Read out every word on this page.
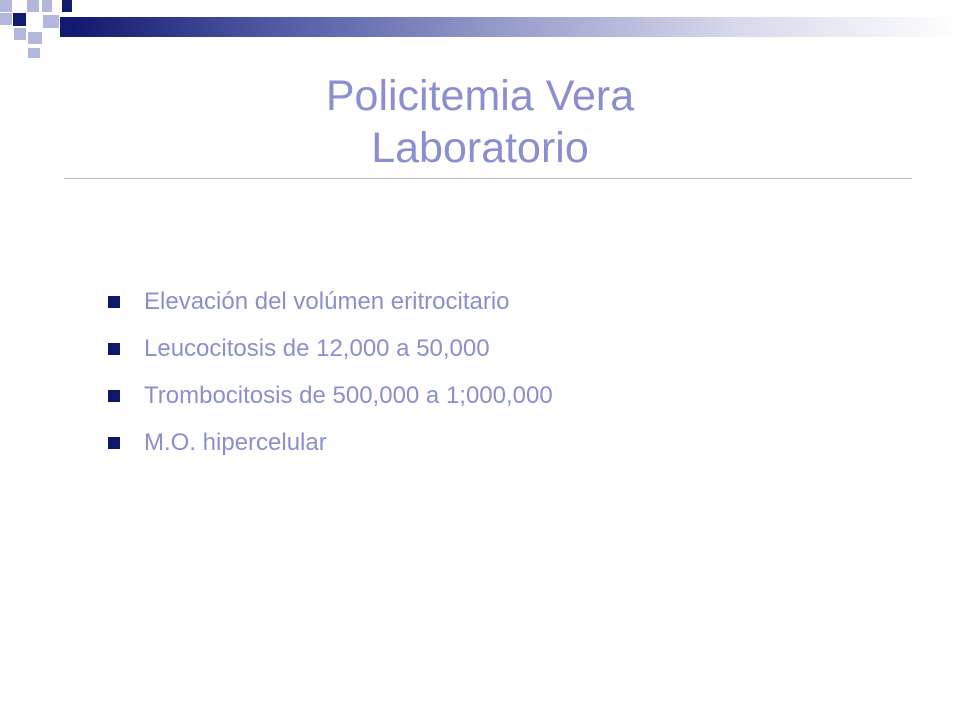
Policitemia Vera
Laboratorio
Elevación del volúmen eritrocitario
Leucocitosis de 12,000 a 50,000
Trombocitosis de 500,000 a 1;000,000
M.O. hipercelular
